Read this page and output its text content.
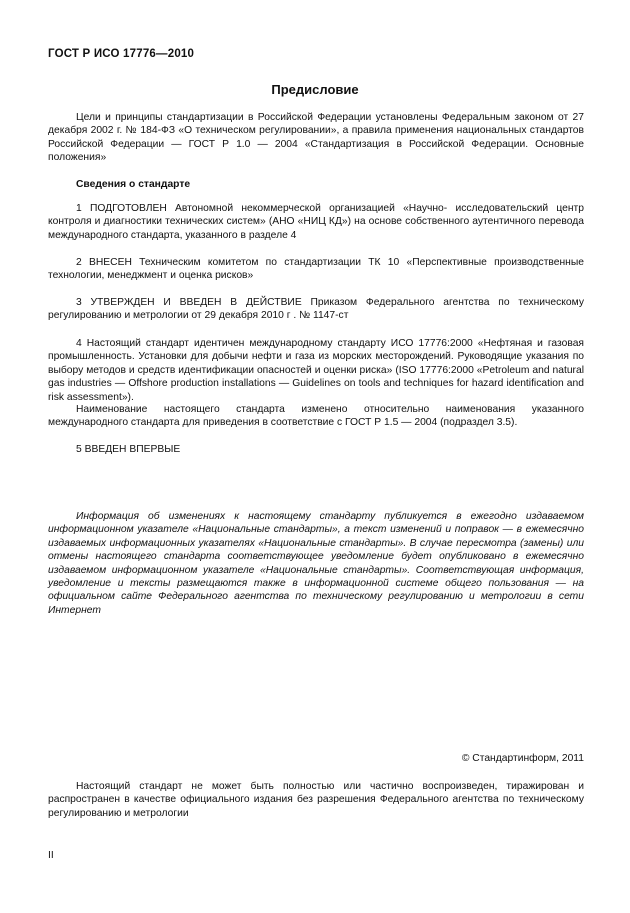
ГОСТ Р ИСО 17776—2010
Предисловие

Цели и принципы стандартизации в Российской Федерации установлены Федеральным законом от 27 декабря 2002 г. № 184-ФЗ «О техническом регулировании», а правила применения национальных стандартов Российской Федерации — ГОСТ Р 1.0 — 2004 «Стандартизация в Российской Федерации. Основные положения»

Сведения о стандарте

1 ПОДГОТОВЛЕН Автономной некоммерческой организацией «Научно- исследовательский центр контроля и диагностики технических систем» (АНО «НИЦ КД») на основе собственного аутентичного перевода международного стандарта, указанного в разделе 4

2 ВНЕСЕН Техническим комитетом по стандартизации ТК 10 «Перспективные производственные технологии, менеджмент и оценка рисков»

3 УТВЕРЖДЕН И ВВЕДЕН В ДЕЙСТВИЕ Приказом Федерального агентства по техническому регулированию и метрологии от 29 декабря 2010 г . № 1147-ст

4 Настоящий стандарт идентичен международному стандарту ИСО 17776:2000 «Нефтяная и газовая промышленность. Установки для добычи нефти и газа из морских месторождений. Руководящие указания по выбору методов и средств идентификации опасностей и оценки риска» (ISO 17776:2000 «Petroleum and natural gas industries — Offshore production installations — Guidelines on tools and techniques for hazard identification and risk assessment»).

Наименование настоящего стандарта изменено относительно наименования указанного международного стандарта для приведения в соответствие с ГОСТ Р 1.5 — 2004 (подраздел 3.5).

5 ВВЕДЕН ВПЕРВЫЕ

Информация об изменениях к настоящему стандарту публикуется в ежегодно издаваемом информационном указателе «Национальные стандарты», а текст изменений и поправок — в ежемесячно издаваемых информационных указателях «Национальные стандарты». В случае пересмотра (замены) или отмены настоящего стандарта соответствующее уведомление будет опубликовано в ежемесячно издаваемом информационном указателе «Национальные стандарты». Соответствующая информация, уведомление и тексты размещаются также в информационной системе общего пользования — на официальном сайте Федерального агентства по техническому регулированию и метрологии в сети Интернет

© Стандартинформ, 2011

Настоящий стандарт не может быть полностью или частично воспроизведен, тиражирован и распространен в качестве официального издания без разрешения Федерального агентства по техническому регулированию и метрологии

II
